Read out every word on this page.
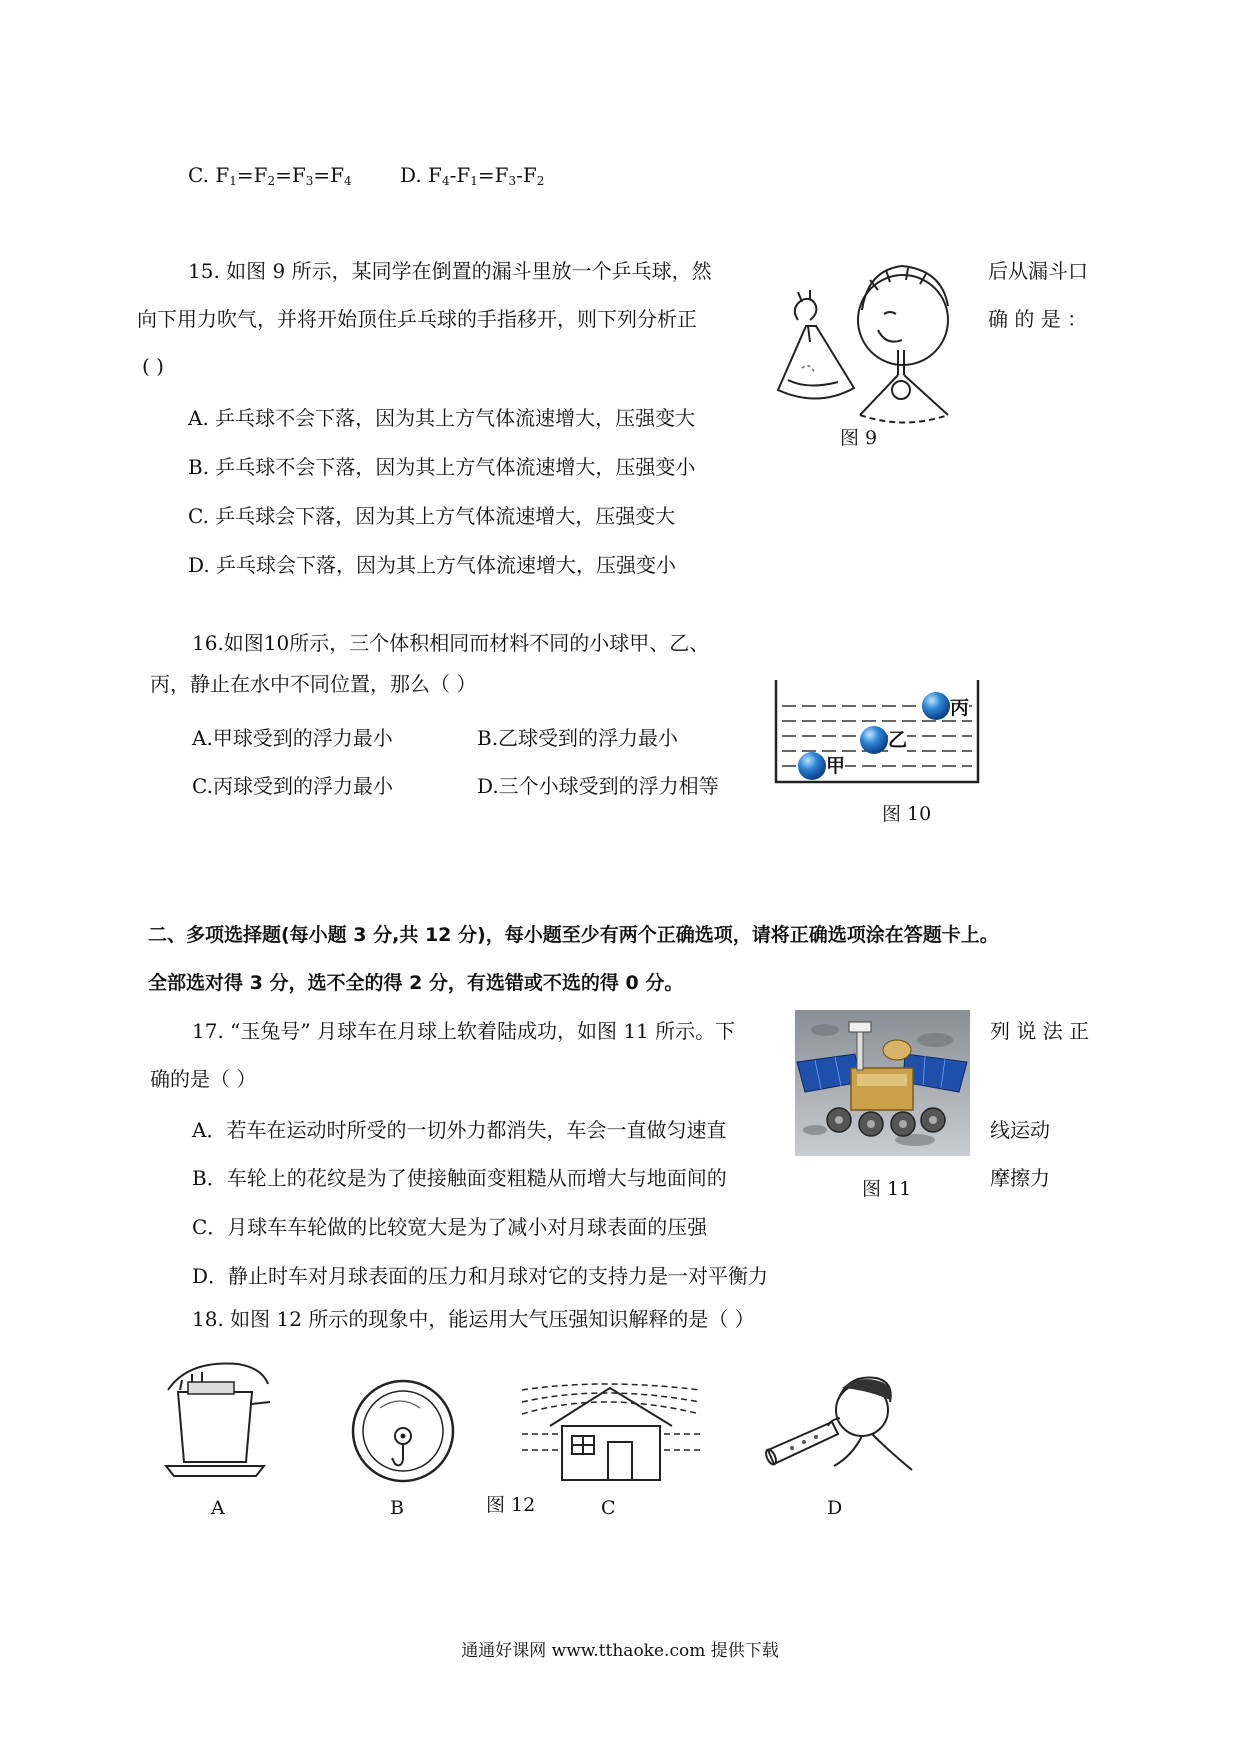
C. $F_1=F_2=F_3=F_4$ D. $F_4-F_1=F_3-F_2$
15. 如图 9 所示，某同学在倒置的漏斗里放一个乒乓球，然	后从漏斗口
向下用力吹气，并将开始顶住乒乓球的手指移开，则下列分析正	确 的 是 ：
( )
A. 乒乓球不会下落，因为其上方气体流速增大，压强变大
B. 乒乓球不会下落，因为其上方气体流速增大，压强变小
C. 乒乓球会下落，因为其上方气体流速增大，压强变大
D. 乒乓球会下落，因为其上方气体流速增大，压强变小
图 9
16.如图10所示，三个体积相同而材料不同的小球甲、乙、
丙，静止在水中不同位置，那么（ ）
A.甲球受到的浮力最小	B.乙球受到的浮力最小
C.丙球受到的浮力最小	D.三个小球受到的浮力相等
甲
乙
丙
图 10
二、多项选择题(每小题 3 分,共 12 分)，每小题至少有两个正确选项，请将正确选项涂在答题卡上。
全部选对得 3 分，选不全的得 2 分，有选错或不选的得 0 分。
17. “玉兔号” 月球车在月球上软着陆成功，如图 11 所示。下	列 说 法 正
确的是（ ）
A．若车在运动时所受的一切外力都消失，车会一直做匀速直	线运动
B．车轮上的花纹是为了使接触面变粗糙从而增大与地面间的	摩擦力
C．月球车车轮做的比较宽大是为了减小对月球表面的压强
D．静止时车对月球表面的压力和月球对它的支持力是一对平衡力
图 11
18. 如图 12 所示的现象中，能运用大气压强知识解释的是（ ）
A	B	图 12	C	D
通通好课网 www.tthaoke.com 提供下载
